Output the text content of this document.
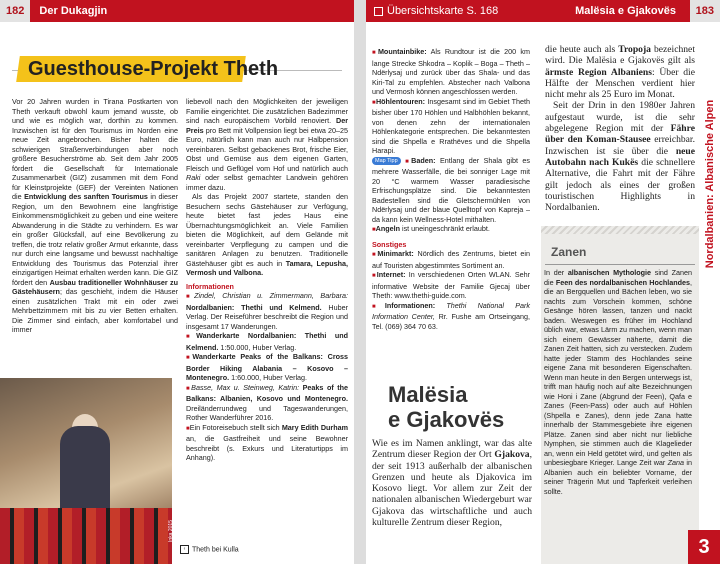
182 Der Dukagjin	Übersichtskarte S. 168	Malësia e Gjakovës	183
Guesthouse-Projekt Theth

Vor 20 Jahren wurden in Tirana Postkarten von Theth verkauft obwohl kaum jemand wusste, ob und wie es möglich war, dorthin zu kommen. Inzwischen ist für den Tourismus im Norden eine neue Zeit angebrochen. Bisher halten die schwierigen Straßenverbindungen aber noch größere Besucherströme ab. Seit dem Jahr 2005 fördert die Gesellschaft für Internationale Zusammenarbeit (GIZ) zusammen mit dem Fond für Kleinstprojekte (GEF) der Vereinten Nationen die Entwicklung des sanften Tourismus in dieser Region, um den Bewohnern eine langfristige Einkommensmöglichkeit zu geben und eine weitere Abwanderung in die Städte zu verhindern. Es war ein großer Glücksfall, auf eine Bevölkerung zu treffen, die trotz relativ großer Armut erkannte, dass nur durch eine langsame und bewusst nachhaltige Entwicklung des Tourismus das Potenzial ihrer einzigartigen Heimat erhalten werden kann. Die GIZ fördert den Ausbau traditioneller Wohnhäuser zu Gästehäusern; das geschieht, indem die Häuser einen zusätzlichen Trakt mit ein oder zwei Mehrbettzimmern mit bis zu vier Betten erhalten. Die Zimmer sind einfach, aber komfortabel und immer

Inka 2015

liebevoll nach den Möglichkeiten der jeweiligen Familie eingerichtet. Die zusätzlichen Badezimmer sind nach europäischem Vorbild renoviert. Der Preis pro Bett mit Vollpension liegt bei etwa 20–25 Euro, nätürlich kann man auch nur Halbpension vereinbaren. Selbst gebackenes Brot, frische Eier, Obst und Gemüse aus dem eigenen Garten, Fleisch und Geflügel vom Hof und natürlich auch Raki oder selbst gemachter Landwein gehören immer dazu.

Als das Projekt 2007 startete, standen den Besuchern sechs Gästehäuser zur Verfügung, heute bietet fast jedes Haus eine Übernachtungsmöglichkeit an. Viele Familien bieten die Möglichkeit, auf dem Gelände mit vereinbarter Verpflegung zu campen und die sanitären Anlagen zu benutzen. Traditionelle Gästehäuser gibt es auch in Tamara, Lepusha, Vermosh und Valbona.

Informationen

■Zindel, Christian u. Zimmermann, Barbara: Nordalbanien: Thethi und Kelmend. Huber Verlag. Der Reiseführer beschreibt die Region und insgesamt 17 Wanderungen.

■Wanderkarte Nordalbanien: Thethi und Kelmend. 1:50.000, Huber Verlag.

■Wanderkarte Peaks of the Balkans: Cross Border Hiking Alabania – Kosovo – Montenegro. 1:60.000, Huber Verlag.

■Basse, Max u. Steinweg, Katrin: Peaks of the Balkans: Albanien, Kosovo und Montenegro. Dreiländerrundweg und Tageswanderungen, Rother Wanderführer 2016.

■Ein Fotoreisebuch stellt sich Mary Edith Durham an, die Gastfreiheit und seine Bewohner beschreibt (s. Exkurs und Literaturtipps im Anhang).

‹ Theth bei Kulla

■Mountainbike: Als Rundtour ist die 200 km lange Strecke Shkodra – Koplik – Boga – Theth – Ndërlysaj und zurück über das Shala- und das Kiri-Tal zu empfehlen. Abstecher nach Valbona und Vermosh können angeschlossen werden.

■Höhlentouren: Insgesamt sind im Gebiet Theth bisher über 170 Höhlen und Halbhöhlen bekannt, von denen zehn der internationalen Höhlenkategorie entsprechen. Die bekanntesten sind die Shpella e Rrathëves und die Shpella Harapi.

Map Tipp ■Baden: Entlang der Shala gibt es mehrere Wasserfälle, die bei sonniger Lage mit 20 °C warmem Wasser paradiesische Erfrischungsplätze sind. Die bekanntesten Badestellen sind die Gletschermühlen von Ndërlysaj und der blaue Quelltopf von Kapreja – da kann kein Wellness-Hotel mithalten.

■Angeln ist uneingeschränkt erlaubt.

Sonstiges

■Minimarkt: Nördlich des Zentrums, bietet ein auf Touristen abgestimmtes Sortiment an.

■Internet: In verschiedenen Orten WLAN. Sehr informative Website der Familie Gjecaj über Theth: www.thethi-guide.com.

■Informationen: Thethi National Park Information Center, Rr. Fushe am Ortseingang, Tel. (069) 364 70 63.

Malësia
e Gjakovës
Wie es im Namen anklingt, war das alte Zentrum dieser Region der Ort Gjakova, der seit 1913 außerhalb der albanischen Grenzen und heute als Djakovica im Kosovo liegt. Vor allem zur Zeit der nationalen albanischen Wiedergeburt war Gjakova das wirtschaftliche und auch kulturelle Zentrum dieser Region,

die heute auch als Tropoja bezeichnet wird. Die Malësia e Gjakovës gilt als ärmste Region Albaniens: Über die Hälfte der Menschen verdient hier nicht mehr als 25 Euro im Monat.

Seit der Drin in den 1980er Jahren aufgestaut wurde, ist die sehr abgelegene Region mit der Fähre über den Koman-Stausee erreichbar. Inzwischen ist sie über die neue Autobahn nach Kukës die schnellere Alternative, die Fahrt mit der Fähre gilt jedoch als eines der großen touristischen Highlights in Nordalbanien.

Zanen

In der albanischen Mythologie sind Zanen die Feen des nordalbanischen Hochlandes, die an Bergquellen und Bächen leben, wo sie nachts zum Vorschein kommen, schöne Gesänge hören lassen, tanzen und nackt baden. Weswegen es früher im Hochland üblich war, etwas Lärm zu machen, wenn man sich einem Gewässer näherte, damit die Zanen Zeit hatten, sich zu verstecken. Zudem hatte jeder Stamm des Hochlandes seine eigene Zana mit besonderen Eigenschaften. Wenn man heute in den Bergen unterwegs ist, trifft man häufig noch auf alte Bezeichnungen wie Honi i Zane (Abgrund der Feen), Qafa e Zanes (Feen-Pass) oder auch auf Höhlen (Shpella e Zanes), denn jede Zana hatte innerhalb der Stammesgebiete ihre eigenen Plätze. Zanen sind aber nicht nur liebliche Nymphen, sie stimmen auch die Klagelieder an, wenn ein Held getötet wird, und gelten als unbesiegbare Krieger. Lange Zeit war Zana in Albanien auch ein beliebter Vorname, der seiner Trägerin Mut und Tapferkeit verleihen sollte.

Nordalbanien: Albanische Alpen
3
